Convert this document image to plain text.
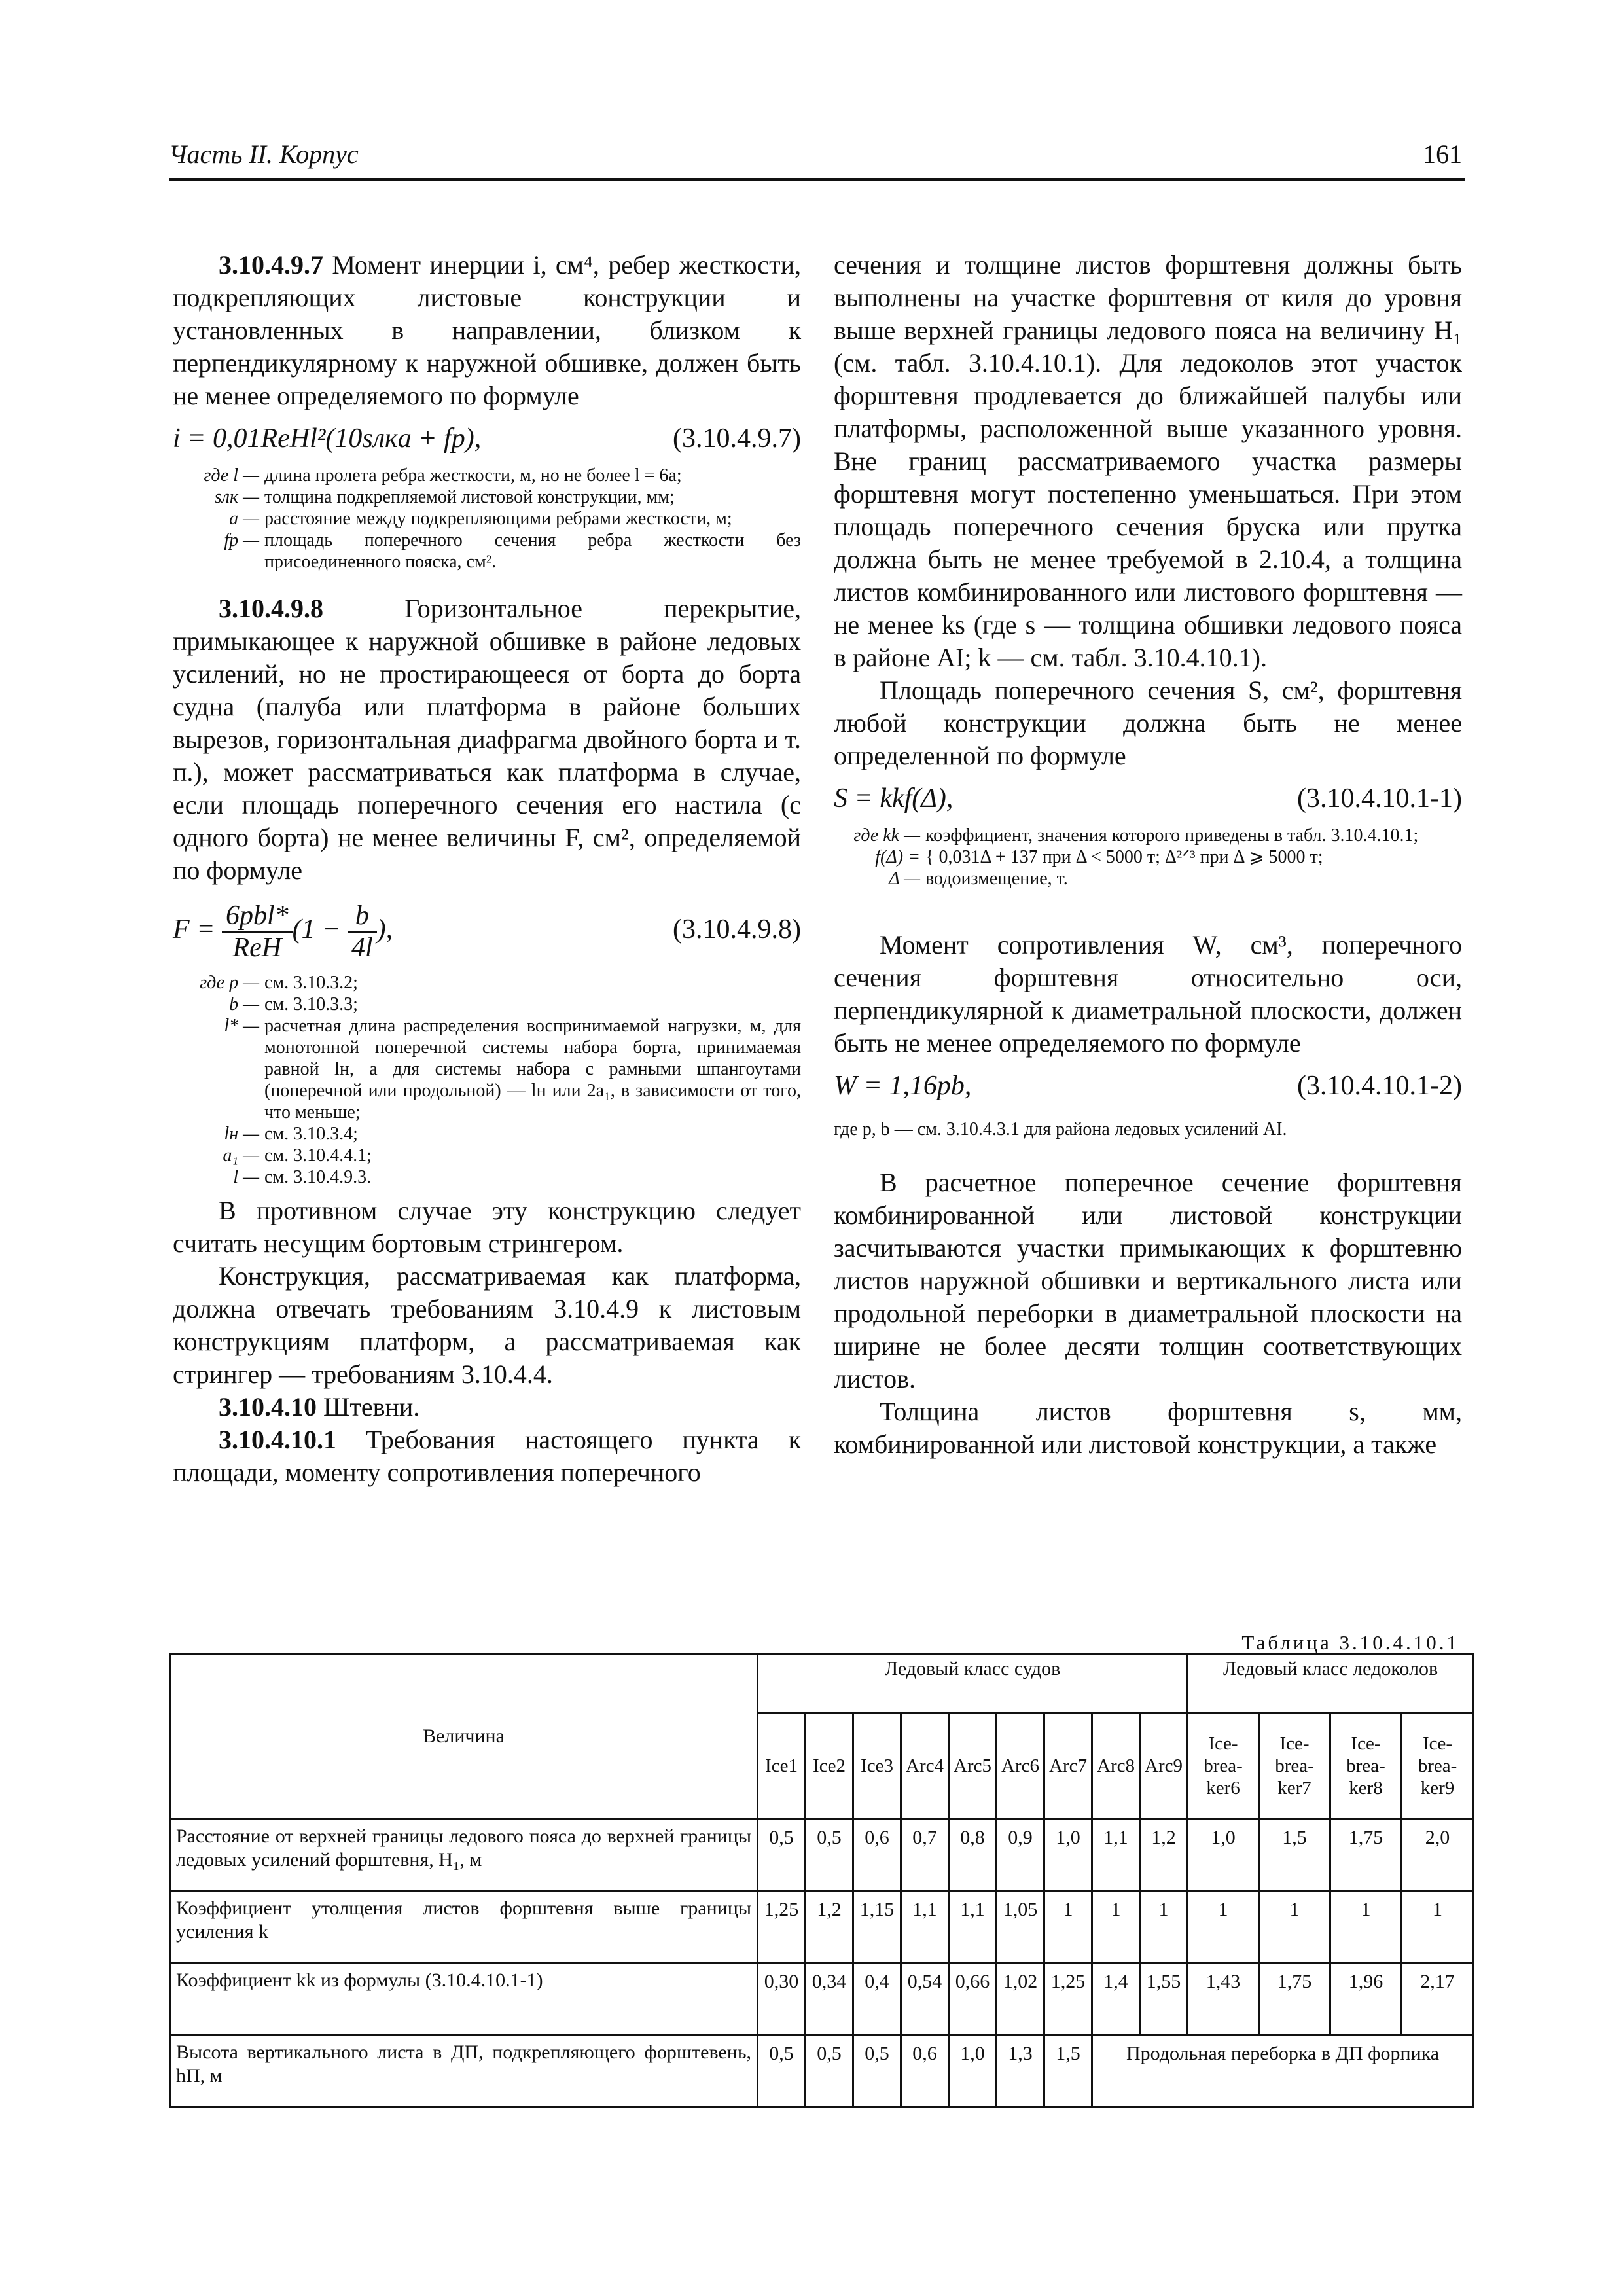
Часть II. Корпус	161

3.10.4.9.7 Момент инерции i, см⁴, ребер жесткости, подкрепляющих листовые конструкции и установленных в направлении, близком к перпендикулярному к наружной обшивке, должен быть не менее определяемого по формуле

i = 0,01ReHl²(10sлкa + fр),	(3.10.4.9.7)
где l — длина пролета ребра жесткости, м, но не более l = 6a;
sлк — толщина подкрепляемой листовой конструкции, мм;
a — расстояние между подкрепляющими ребрами жесткости, м;
fр — площадь поперечного сечения ребра жесткости без присоединенного пояска, см².

3.10.4.9.8	Горизонтальное перекрытие, примыкающее к наружной обшивке в районе ледовых усилений, но не простирающееся от борта до борта судна (палуба или платформа в районе больших вырезов, горизонтальная диафрагма двойного борта и т. п.), может рассматриваться как платформа в случае, если площадь поперечного сечения его настила (с одного борта) не менее величины F, см², определяемой по формуле

$F = \frac{\text{6pbl*}}{\text{ReH}} (1 - \frac{b}{4l}$ ),	(3.10.4.9.8)
где p — см. 3.10.3.2;
b — см. 3.10.3.3;
l* — расчетная длина распределения воспринимаемой нагрузки, м, для монотонной поперечной системы набора борта, принимаемая равной lн, а для системы набора с рамными шпангоутами (поперечной или продольной) — lн или 2a₁, в зависимости от того, что меньше;
lн — см. 3.10.3.4;
a₁ — см. 3.10.4.4.1;
l — см. 3.10.4.9.3.

В противном случае эту конструкцию следует считать несущим бортовым стрингером.

Конструкция, рассматриваемая как платформа, должна отвечать требованиям 3.10.4.9 к листовым конструкциям платформ, а рассматриваемая как стрингер — требованиям 3.10.4.4.

3.10.4.10 Штевни.

3.10.4.10.1 Требования настоящего пункта к площади, моменту сопротивления поперечного

сечения и толщине листов форштевня должны быть выполнены на участке форштевня от киля до уровня выше верхней границы ледового пояса на величину H₁ (см. табл. 3.10.4.10.1). Для ледоколов этот участок форштевня продлевается до ближайшей палубы или платформы, расположенной выше указанного уровня. Вне границ рассматриваемого участка размеры форштевня могут постепенно уменьшаться. При этом площадь поперечного сечения бруска или прутка должна быть не менее требуемой в 2.10.4, а толщина листов комбинированного или листового форштевня — не менее ks (где s — толщина обшивки ледового пояса в районе AI; k — см. табл. 3.10.4.10.1).

Площадь поперечного сечения S, см², форштевня любой конструкции должна быть не менее определенной по формуле

S = kkf(Δ),	(3.10.4.10.1-1)
где kk — коэффициент, значения которого приведены в табл. 3.10.4.10.1;
f(Δ) = { 0,031Δ + 137 при Δ < 5000 т; Δ²ᐟ³ при Δ ⩾ 5000 т;
Δ — водоизмещение, т.

Момент сопротивления W, см³, поперечного сечения форштевня относительно оси, перпендикулярной к диаметральной плоскости, должен быть не менее определяемого по формуле

W = 1,16pb,	(3.10.4.10.1-2)
где p, b — см. 3.10.4.3.1 для района ледовых усилений AI.

В расчетное поперечное сечение форштевня комбинированной или листовой конструкции засчитываются участки примыкающих к форштевню листов наружной обшивки и вертикального листа или продольной переборки в диаметральной плоскости на ширине не более десяти толщин соответствующих листов.

Толщина листов форштевня s, мм, комбинированной или листовой конструкции, а также

Таблица 3.10.4.10.1
Величина	Ледовый класс судов									Ледовый класс ледоколов			
	Ice1	Ice2	Ice3	Arc4	Arc5	Arc6	Arc7	Arc8	Arc9	Ice-brea-ker6	Ice-brea-ker7	Ice-brea-ker8	Ice-brea-ker9
Расстояние от верхней границы ледового пояса до верхней границы ледовых усилений форштевня, H₁, м	0,5	0,5	0,6	0,7	0,8	0,9	1,0	1,1	1,2	1,0	1,5	1,75	2,0
Коэффициент утолщения листов форштевня выше границы усиления k	1,25	1,2	1,15	1,1	1,1	1,05	1	1	1	1	1	1	1
Коэффициент kk из формулы (3.10.4.10.1-1)	0,30	0,34	0,4	0,54	0,66	1,02	1,25	1,4	1,55	1,43	1,75	1,96	2,17
Высота вертикального листа в ДП, подкрепляющего форштевень, hП, м	0,5	0,5	0,5	0,6	1,0	1,3	1,5	Продольная переборка в ДП форпика					
